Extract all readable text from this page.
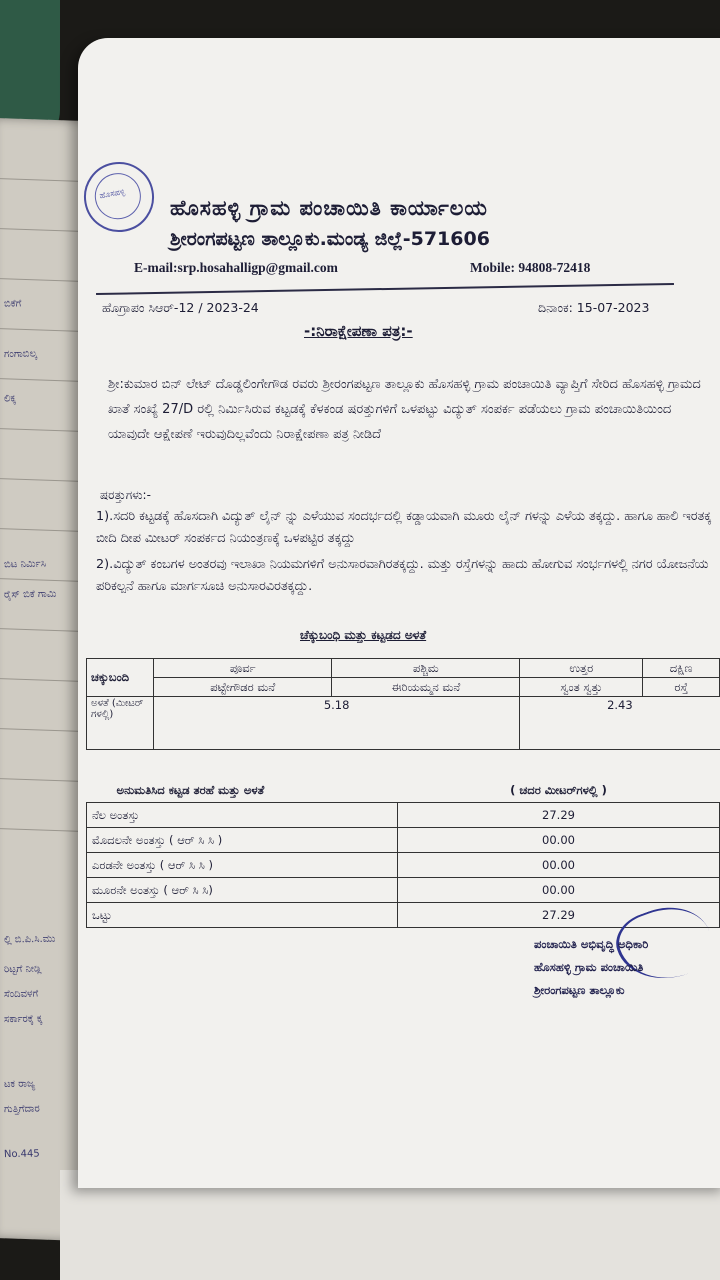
ಬಿಕೆಗೆ
ಗಂಗಾಬಿಲ್ಕ
ಲಿಕ್ಕ
ಬಿಟ ನಿರ್ಮಿಸಿ
ರೈಸ್ ಬಿಕೆ ಗಾಮಿ
ಲ್ಲಿ ಬಿ.ಪಿ.ಸಿ.ಮು
ರಿಟ್ಟಗೆ ನೀಡ್ಲಿ
ಸೆಂದಿವಳಗೆ
ಸರ್ಕಾರಕ್ಕೆ ಕ್ಕ
ಟಕ ರಾಜ್ಯ
ಗುತ್ತಿಗೆದಾರ
No.445
ಹೊಸಹಳ್ಳಿ
ಹೊಸಹಳ್ಳಿ ಗ್ರಾಮ ಪಂಚಾಯಿತಿ ಕಾರ್ಯಾಲಯ
ಶ್ರೀರಂಗಪಟ್ಟಣ ತಾಲ್ಲೂಕು.ಮಂಡ್ಯ ಜಿಲ್ಲೆ-571606
E-mail:srp.hosahalligp@gmail.com	Mobile: 94808-72418
ಹೊಗ್ರಾಪಂ ಸಿಆರ್-12 / 2023-24	ದಿನಾಂಕ: 15-07-2023
-:ನಿರಾಕ್ಷೇಪಣಾ ಪತ್ರ:-
ಶ್ರೀ:ಕುಮಾರ ಬಿನ್ ಲೇಟ್ ದೊಡ್ಡಲಿಂಗೇಗೌಡ ರವರು ಶ್ರೀರಂಗಪಟ್ಟಣ ತಾಲ್ಲೂಕು ಹೊಸಹಳ್ಳಿ ಗ್ರಾಮ ಪಂಚಾಯಿತಿ ವ್ಯಾಪ್ತಿಗೆ ಸೇರಿದ ಹೊಸಹಳ್ಳಿ ಗ್ರಾಮದ ಖಾತೆ ಸಂಖ್ಯೆ 27/D ರಲ್ಲಿ ನಿರ್ಮಿಸಿರುವ ಕಟ್ಟಡಕ್ಕೆ ಕೆಳಕಂಡ ಷರತ್ತುಗಳಿಗೆ ಒಳಪಟ್ಟು ವಿದ್ಯುತ್ ಸಂಪರ್ಕ ಪಡೆಯಲು ಗ್ರಾಮ ಪಂಚಾಯಿತಿಯಿಂದ ಯಾವುದೇ ಆಕ್ಷೇಪಣೆ ಇರುವುದಿಲ್ಲವೆಂದು ನಿರಾಕ್ಷೇಪಣಾ ಪತ್ರ ನೀಡಿದೆ
ಷರತ್ತುಗಳು:-
1).ಸದರಿ ಕಟ್ಟಡಕ್ಕೆ ಹೊಸದಾಗಿ ವಿದ್ಯುತ್ ಲೈನ್ ನ್ನು ಎಳೆಯುವ ಸಂದರ್ಭದಲ್ಲಿ ಕಡ್ಡಾಯವಾಗಿ ಮೂರು ಲೈನ್ ಗಳನ್ನು ಎಳೆಯ ತಕ್ಕದ್ದು. ಹಾಗೂ ಹಾಲಿ ಇರತಕ್ಕ ಬೀದಿ ದೀಪ ಮೀಟರ್ ಸಂಪರ್ಕದ ನಿಯಂತ್ರಣಕ್ಕೆ ಒಳಪಟ್ಟಿರ ತಕ್ಕದ್ದು
2).ವಿದ್ಯುತ್ ಕಂಬಗಳ ಅಂತರವು ಇಲಾಖಾ ನಿಯಮಗಳಿಗೆ ಅನುಸಾರವಾಗಿರತಕ್ಕದ್ದು. ಮತ್ತು ರಸ್ತೆಗಳನ್ನು ಹಾದು ಹೋಗುವ ಸಂರ್ಭಗಳಲ್ಲಿ ನಗರ ಯೋಜನೆಯ ಪರಿಕಲ್ಪನೆ ಹಾಗೂ ಮಾರ್ಗಸೂಚಿ ಅನುಸಾರವಿರತಕ್ಕದ್ದು.
ಚೆಕ್ಕುಬಂಧಿ ಮತ್ತು ಕಟ್ಟಡದ ಅಳತೆ
ಚಕ್ಕುಬಂದಿ	ಪೂರ್ವ	ಪಶ್ಚಿಮ	ಉತ್ತರ	ದಕ್ಷಿಣ
	ಪಟ್ಟೇಗೌಡರ ಮನೆ	ಈರಿಯಮ್ಮನ ಮನೆ	ಸ್ವಂತ ಸ್ವತ್ತು	ರಸ್ತೆ
ಅಳತೆ (ಮೀಟರ್ ಗಳಲ್ಲಿ)	5.18		2.43	
ಅನುಮತಿಸಿದ ಕಟ್ಟಡ ತರಹೆ ಮತ್ತು ಅಳತೆ	( ಚದರ ಮೀಟರ್‌ಗಳಲ್ಲಿ )
ನೆಲ ಅಂತಸ್ತು	27.29
ಮೊದಲನೇ ಅಂತಸ್ತು ( ಆರ್ ಸಿ ಸಿ )	00.00
ಎರಡನೇ ಅಂತಸ್ತು ( ಆರ್ ಸಿ ಸಿ )	00.00
ಮೂರನೇ ಅಂತಸ್ತು ( ಆರ್ ಸಿ ಸಿ)	00.00
ಒಟ್ಟು	27.29
ಪಂಚಾಯಿತಿ ಅಭಿವೃದ್ಧಿ ಅಧಿಕಾರಿ
ಹೊಸಹಳ್ಳಿ ಗ್ರಾಮ ಪಂಚಾಯಿತಿ
ಶ್ರೀರಂಗಪಟ್ಟಣ ತಾಲ್ಲೂಕು
